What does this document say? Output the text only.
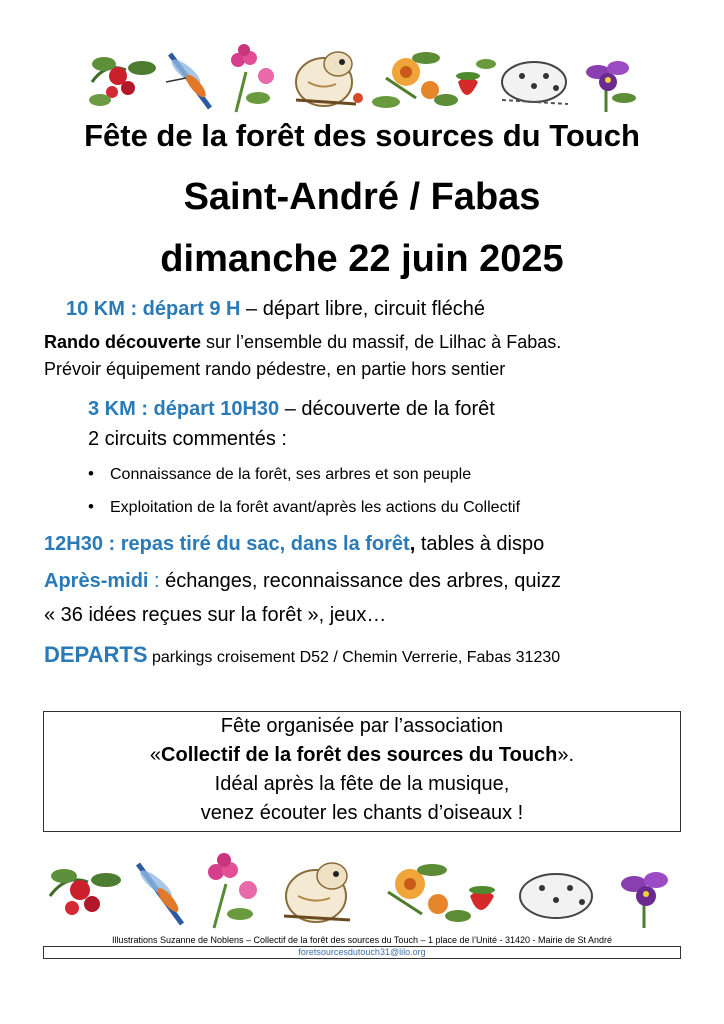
Fête de la forêt des sources du Touch
Saint-André / Fabas
dimanche 22 juin 2025
10 KM : départ 9 H – départ libre, circuit fléché
Rando découverte sur l’ensemble du massif, de Lilhac à Fabas.
Prévoir équipement rando pédestre, en partie hors sentier
3 KM : départ 10H30 – découverte de la forêt
2 circuits commentés :
• Connaissance de la forêt, ses arbres et son peuple
• Exploitation de la forêt avant/après les actions du Collectif
12H30 : repas tiré du sac, dans la forêt, tables à dispo
Après-midi : échanges, reconnaissance des arbres, quizz
« 36 idées reçues sur la forêt », jeux…
DEPARTS parkings croisement D52 / Chemin Verrerie, Fabas 31230
Fête organisée par l’association
«Collectif de la forêt des sources du Touch».
Idéal après la fête de la musique,
venez écouter les chants d’oiseaux !
Illustrations Suzanne de Noblens – Collectif de la forêt des sources du Touch – 1 place de l’Unité - 31420 - Mairie de St André
foretsourcesdutouch31@lilo.org
